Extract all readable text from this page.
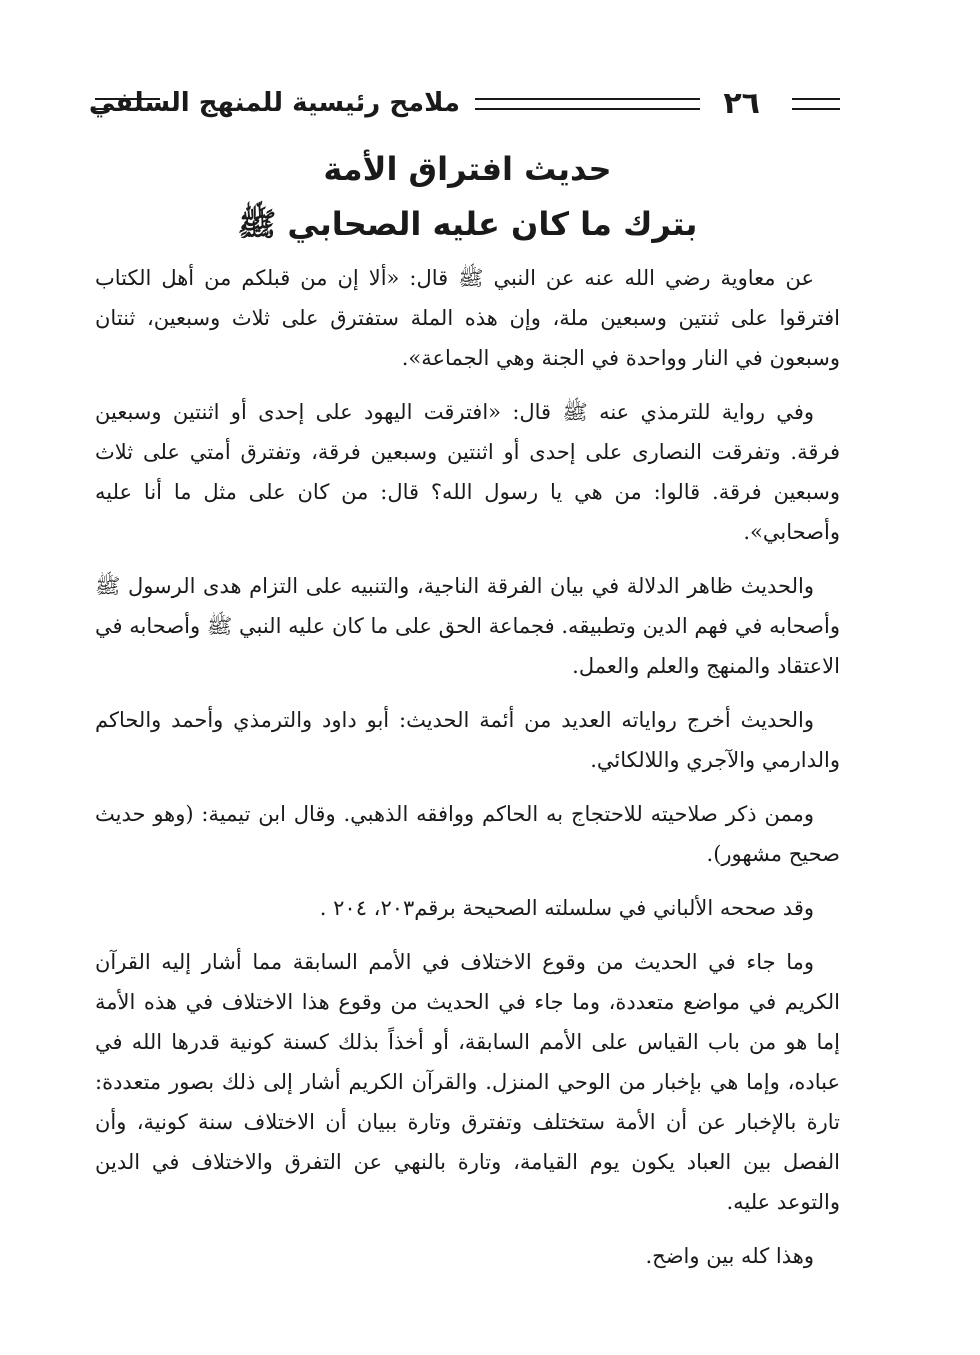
٢٦
ملامح رئيسية للمنهج السلفي
حديث افتراق الأمة
بترك ما كان عليه الصحابي ﷺ

عن معاوية رضي الله عنه عن النبي ﷺ قال: «ألا إن من قبلكم من أهل الكتاب افترقوا على ثنتين وسبعين ملة، وإن هذه الملة ستفترق على ثلاث وسبعين، ثنتان وسبعون في النار وواحدة في الجنة وهي الجماعة».

وفي رواية للترمذي عنه ﷺ قال: «افترقت اليهود على إحدى أو اثنتين وسبعين فرقة. وتفرقت النصارى على إحدى أو اثنتين وسبعين فرقة، وتفترق أمتي على ثلاث وسبعين فرقة. قالوا: من هي يا رسول الله؟ قال: من كان على مثل ما أنا عليه وأصحابي».

والحديث ظاهر الدلالة في بيان الفرقة الناجية، والتنبيه على التزام هدى الرسول ﷺ وأصحابه في فهم الدين وتطبيقه. فجماعة الحق على ما كان عليه النبي ﷺ وأصحابه في الاعتقاد والمنهج والعلم والعمل.

والحديث أخرج رواياته العديد من أئمة الحديث: أبو داود والترمذي وأحمد والحاكم والدارمي والآجري واللالكائي.

وممن ذكر صلاحيته للاحتجاج به الحاكم ووافقه الذهبي. وقال ابن تيمية: (وهو حديث صحيح مشهور).

وقد صححه الألباني في سلسلته الصحيحة برقم٢٠٣، ٢٠٤ .

وما جاء في الحديث من وقوع الاختلاف في الأمم السابقة مما أشار إليه القرآن الكريم في مواضع متعددة، وما جاء في الحديث من وقوع هذا الاختلاف في هذه الأمة إما هو من باب القياس على الأمم السابقة، أو أخذاً بذلك كسنة كونية قدرها الله في عباده، وإما هي بإخبار من الوحي المنزل. والقرآن الكريم أشار إلى ذلك بصور متعددة: تارة بالإخبار عن أن الأمة ستختلف وتفترق وتارة ببيان أن الاختلاف سنة كونية، وأن الفصل بين العباد يكون يوم القيامة، وتارة بالنهي عن التفرق والاختلاف في الدين والتوعد عليه.

وهذا كله بين واضح.
